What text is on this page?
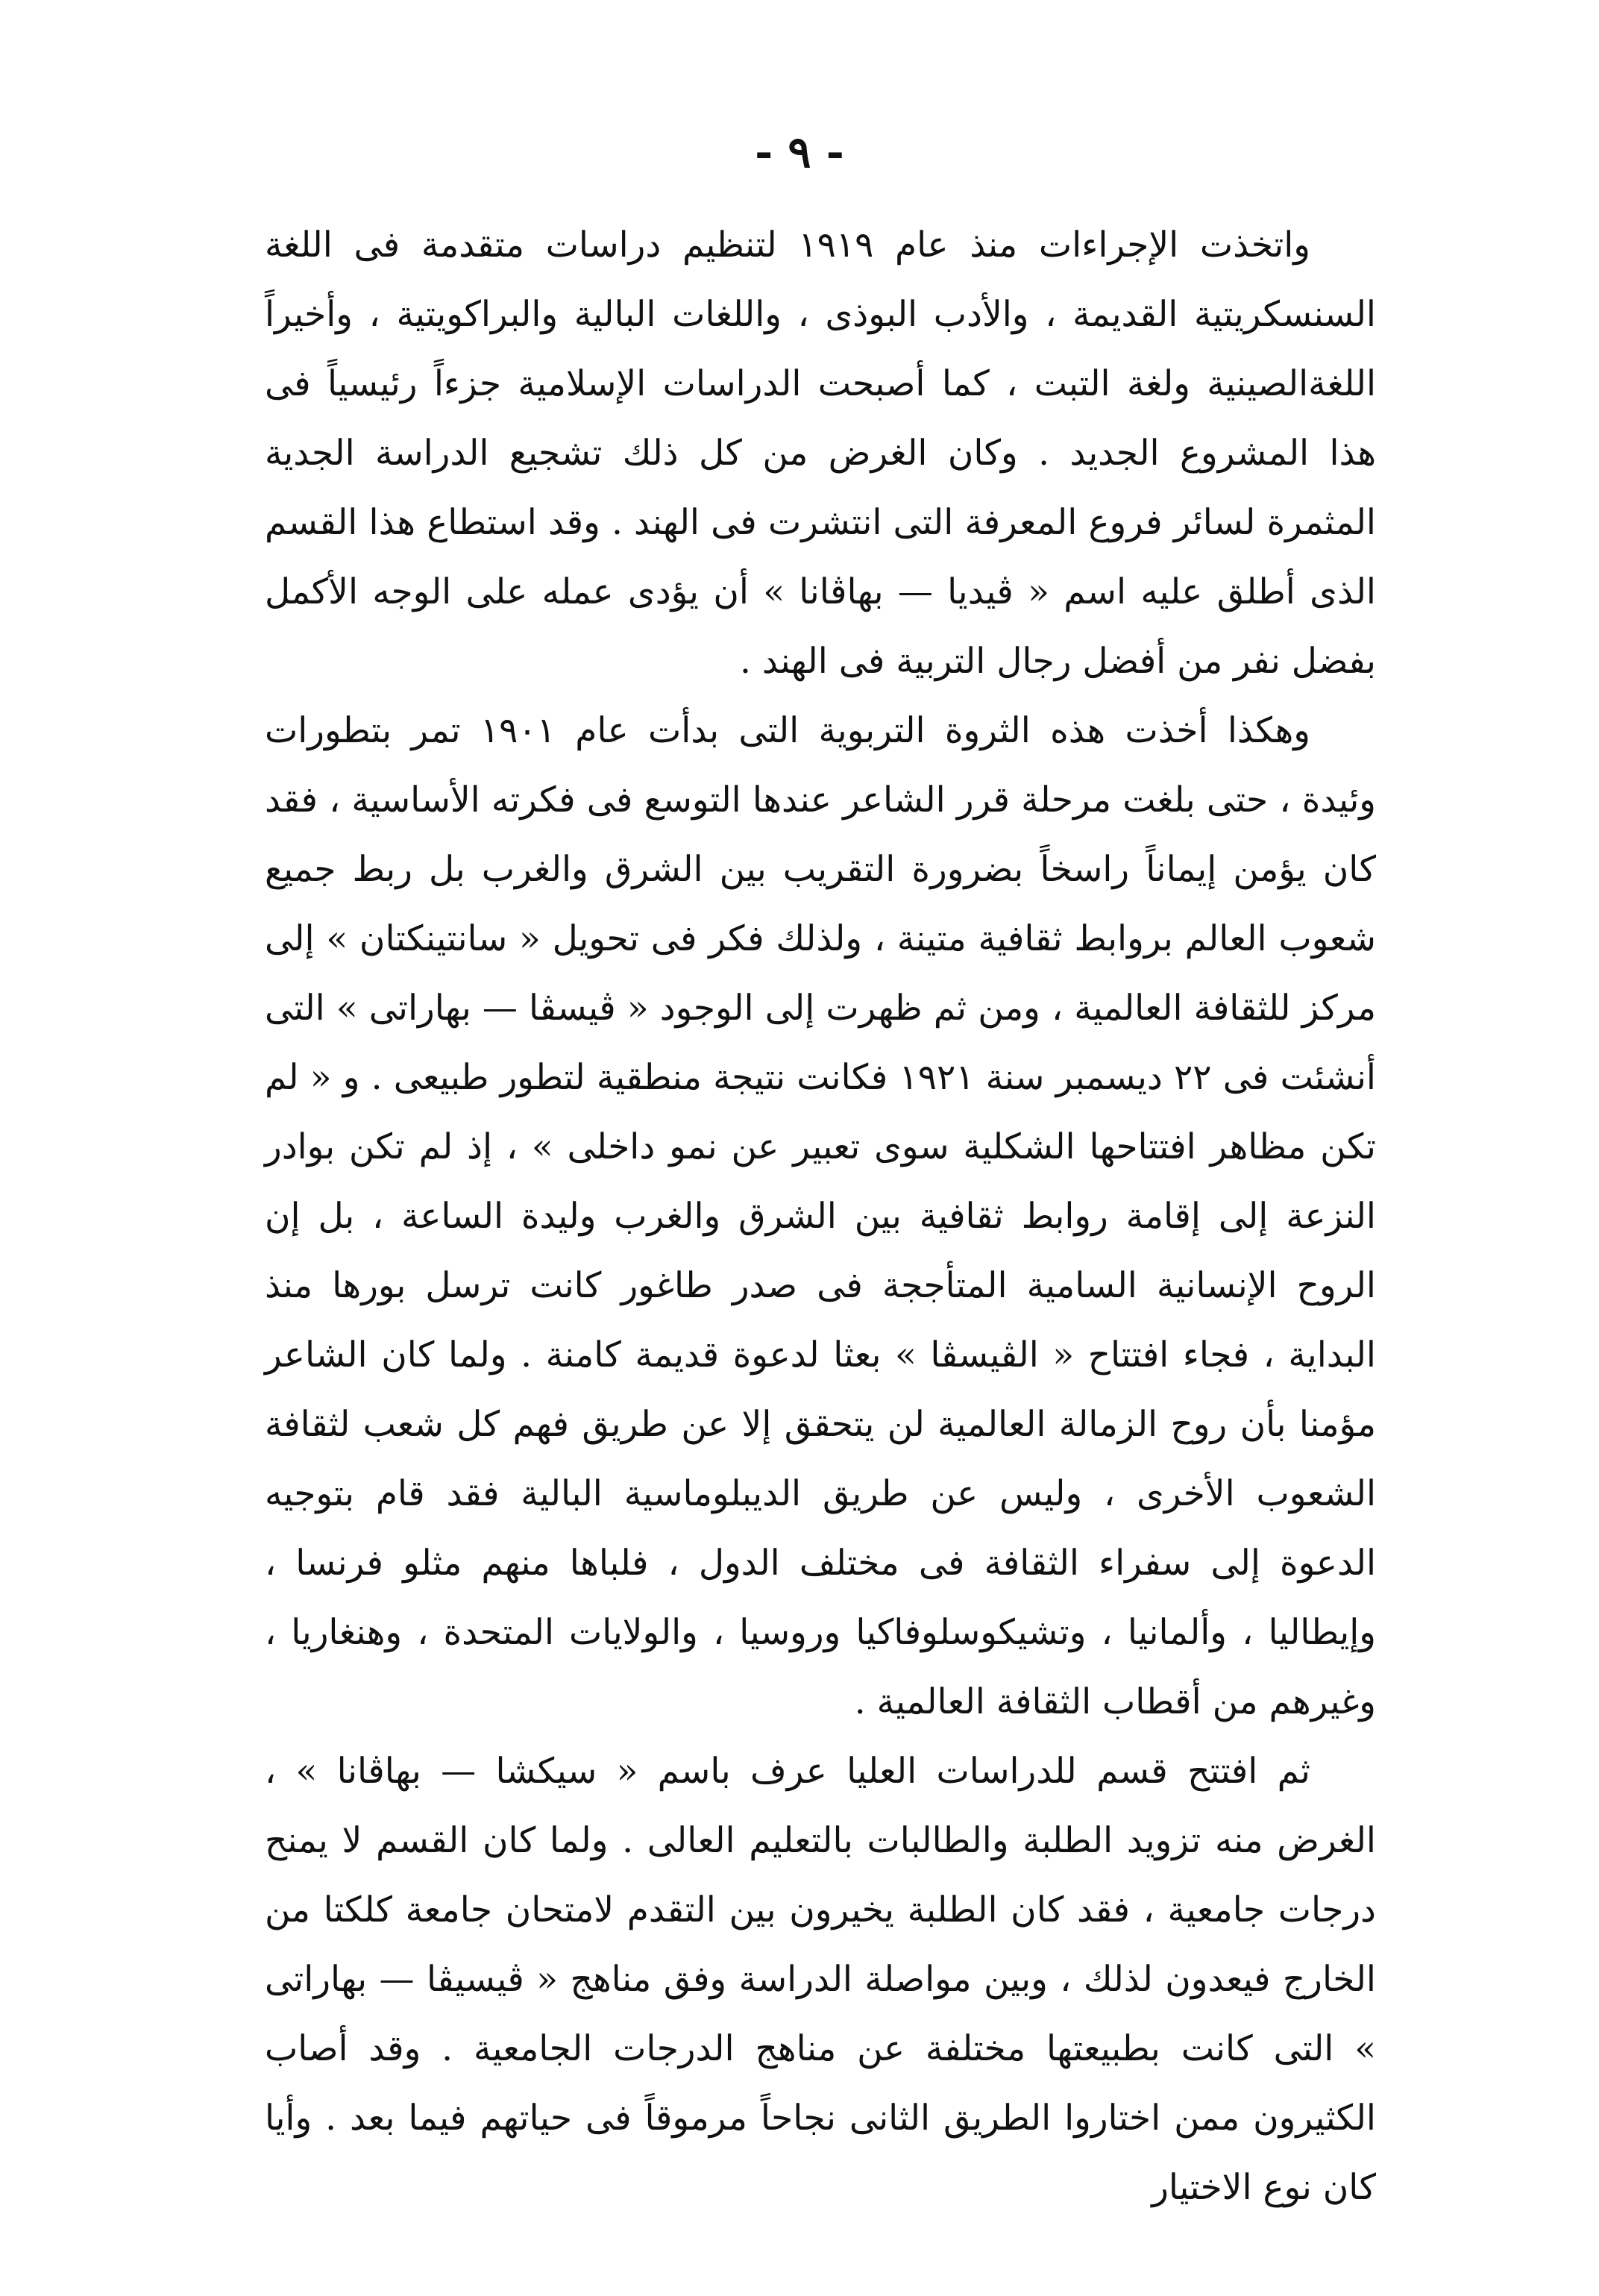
- ٩ -

واتخذت الإجراءات منذ عام ١٩١٩ لتنظيم دراسات متقدمة فى اللغة السنسكريتية القديمة ، والأدب البوذى ، واللغات البالية والبراكويتية ، وأخيراً اللغةالصينية ولغة التبت ، كما أصبحت الدراسات الإسلامية جزءاً رئيسياً فى هذا المشروع الجديد . وكان الغرض من كل ذلك تشجيع الدراسة الجدية المثمرة لسائر فروع المعرفة التى انتشرت فى الهند . وقد استطاع هذا القسم الذى أطلق عليه اسم « ڤيديا — بهاڤانا » أن يؤدى عمله على الوجه الأكمل بفضل نفر من أفضل رجال التربية فى الهند .

وهكذا أخذت هذه الثروة التربوية التى بدأت عام ١٩٠١ تمر بتطورات وئيدة ، حتى بلغت مرحلة قرر الشاعر عندها التوسع فى فكرته الأساسية ، فقد كان يؤمن إيماناً راسخاً بضرورة التقريب بين الشرق والغرب بل ربط جميع شعوب العالم بروابط ثقافية متينة ، ولذلك فكر فى تحويل « سانتينكتان » إلى مركز للثقافة العالمية ، ومن ثم ظهرت إلى الوجود « ڤيسڤا — بهاراتى » التى أنشئت فى ٢٢ ديسمبر سنة ١٩٢١ فكانت نتيجة منطقية لتطور طبيعى . و « لم تكن مظاهر افتتاحها الشكلية سوى تعبير عن نمو داخلى » ، إذ لم تكن بوادر النزعة إلى إقامة روابط ثقافية بين الشرق والغرب وليدة الساعة ، بل إن الروح الإنسانية السامية المتأججة فى صدر طاغور كانت ترسل بورها منذ البداية ، فجاء افتتاح « الڤيسڤا » بعثا لدعوة قديمة كامنة . ولما كان الشاعر مؤمنا بأن روح الزمالة العالمية لن يتحقق إلا عن طريق فهم كل شعب لثقافة الشعوب الأخرى ، وليس عن طريق الديبلوماسية البالية فقد قام بتوجيه الدعوة إلى سفراء الثقافة فى مختلف الدول ، فلباها منهم مثلو فرنسا ، وإيطاليا ، وألمانيا ، وتشيكوسلوفاكيا وروسيا ، والولايات المتحدة ، وهنغاريا ، وغيرهم من أقطاب الثقافة العالمية .

ثم افتتح قسم للدراسات العليا عرف باسم « سيكشا — بهاڤانا » ، الغرض منه تزويد الطلبة والطالبات بالتعليم العالى . ولما كان القسم لا يمنح درجات جامعية ، فقد كان الطلبة يخيرون بين التقدم لامتحان جامعة كلكتا من الخارج فيعدون لذلك ، وبين مواصلة الدراسة وفق مناهج « ڤيسيڤا — بهاراتى » التى كانت بطبيعتها مختلفة عن مناهج الدرجات الجامعية . وقد أصاب الكثيرون ممن اختاروا الطريق الثانى نجاحاً مرموقاً فى حياتهم فيما بعد . وأيا كان نوع الاختيار
